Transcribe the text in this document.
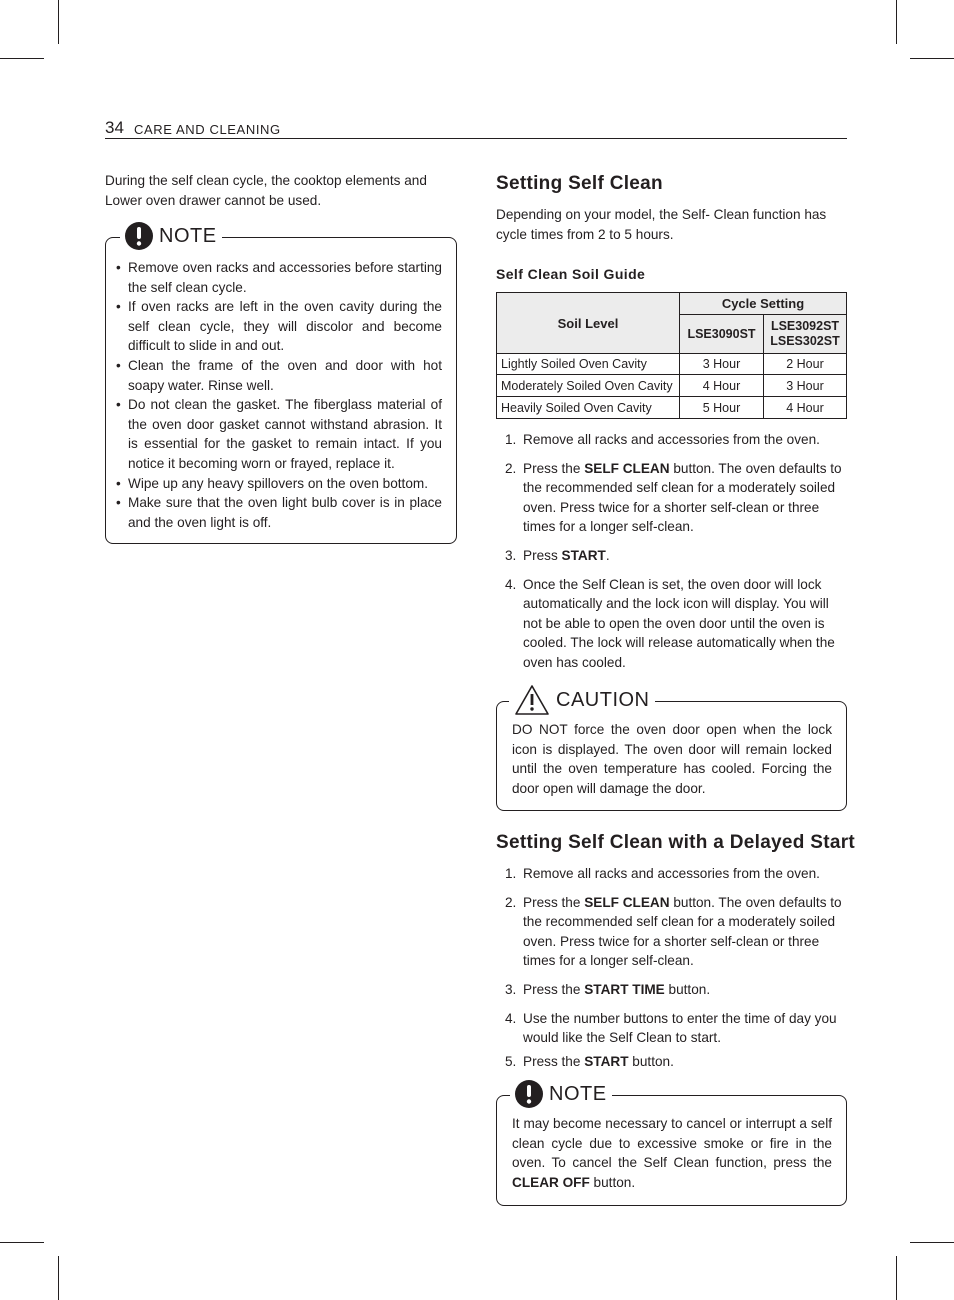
34 CARE AND CLEANING
During the self clean cycle, the cooktop elements and Lower oven drawer cannot be used.
NOTE
• Remove oven racks and accessories before starting the self clean cycle.
• If oven racks are left in the oven cavity during the self clean cycle, they will discolor and become difficult to slide in and out.
• Clean the frame of the oven and door with hot soapy water. Rinse well.
• Do not clean the gasket. The fiberglass material of the oven door gasket cannot withstand abrasion. It is essential for the gasket to remain intact. If you notice it becoming worn or frayed, replace it.
• Wipe up any heavy spillovers on the oven bottom.
• Make sure that the oven light bulb cover is in place and the oven light is off.
Setting Self Clean
Depending on your model, the Self- Clean function has cycle times from 2 to 5 hours.
Self Clean Soil Guide
Soil Level	Cycle Setting	
	LSE3090ST	LSE3092ST
LSES302ST

Lightly Soiled Oven Cavity	3 Hour	2 Hour
Moderately Soiled Oven Cavity	4 Hour	3 Hour
Heavily Soiled Oven Cavity	5 Hour	4 Hour
1. Remove all racks and accessories from the oven.
2. Press the SELF CLEAN button. The oven defaults to the recommended self clean for a moderately soiled oven. Press twice for a shorter self-clean or three times for a longer self-clean.
3. Press START.
4. Once the Self Clean is set, the oven door will lock automatically and the lock icon will display. You will not be able to open the oven door until the oven is cooled. The lock will release automatically when the oven has cooled.
CAUTION
DO NOT force the oven door open when the lock icon is displayed. The oven door will remain locked until the oven temperature has cooled. Forcing the door open will damage the door.
Setting Self Clean with a Delayed Start
1. Remove all racks and accessories from the oven.
2. Press the SELF CLEAN button. The oven defaults to the recommended self clean for a moderately soiled oven. Press twice for a shorter self-clean or three times for a longer self-clean.
3. Press the START TIME button.
4. Use the number buttons to enter the time of day you would like the Self Clean to start.
5. Press the START button.
NOTE
It may become necessary to cancel or interrupt a self clean cycle due to excessive smoke or fire in the oven. To cancel the Self Clean function, press the CLEAR OFF button.
